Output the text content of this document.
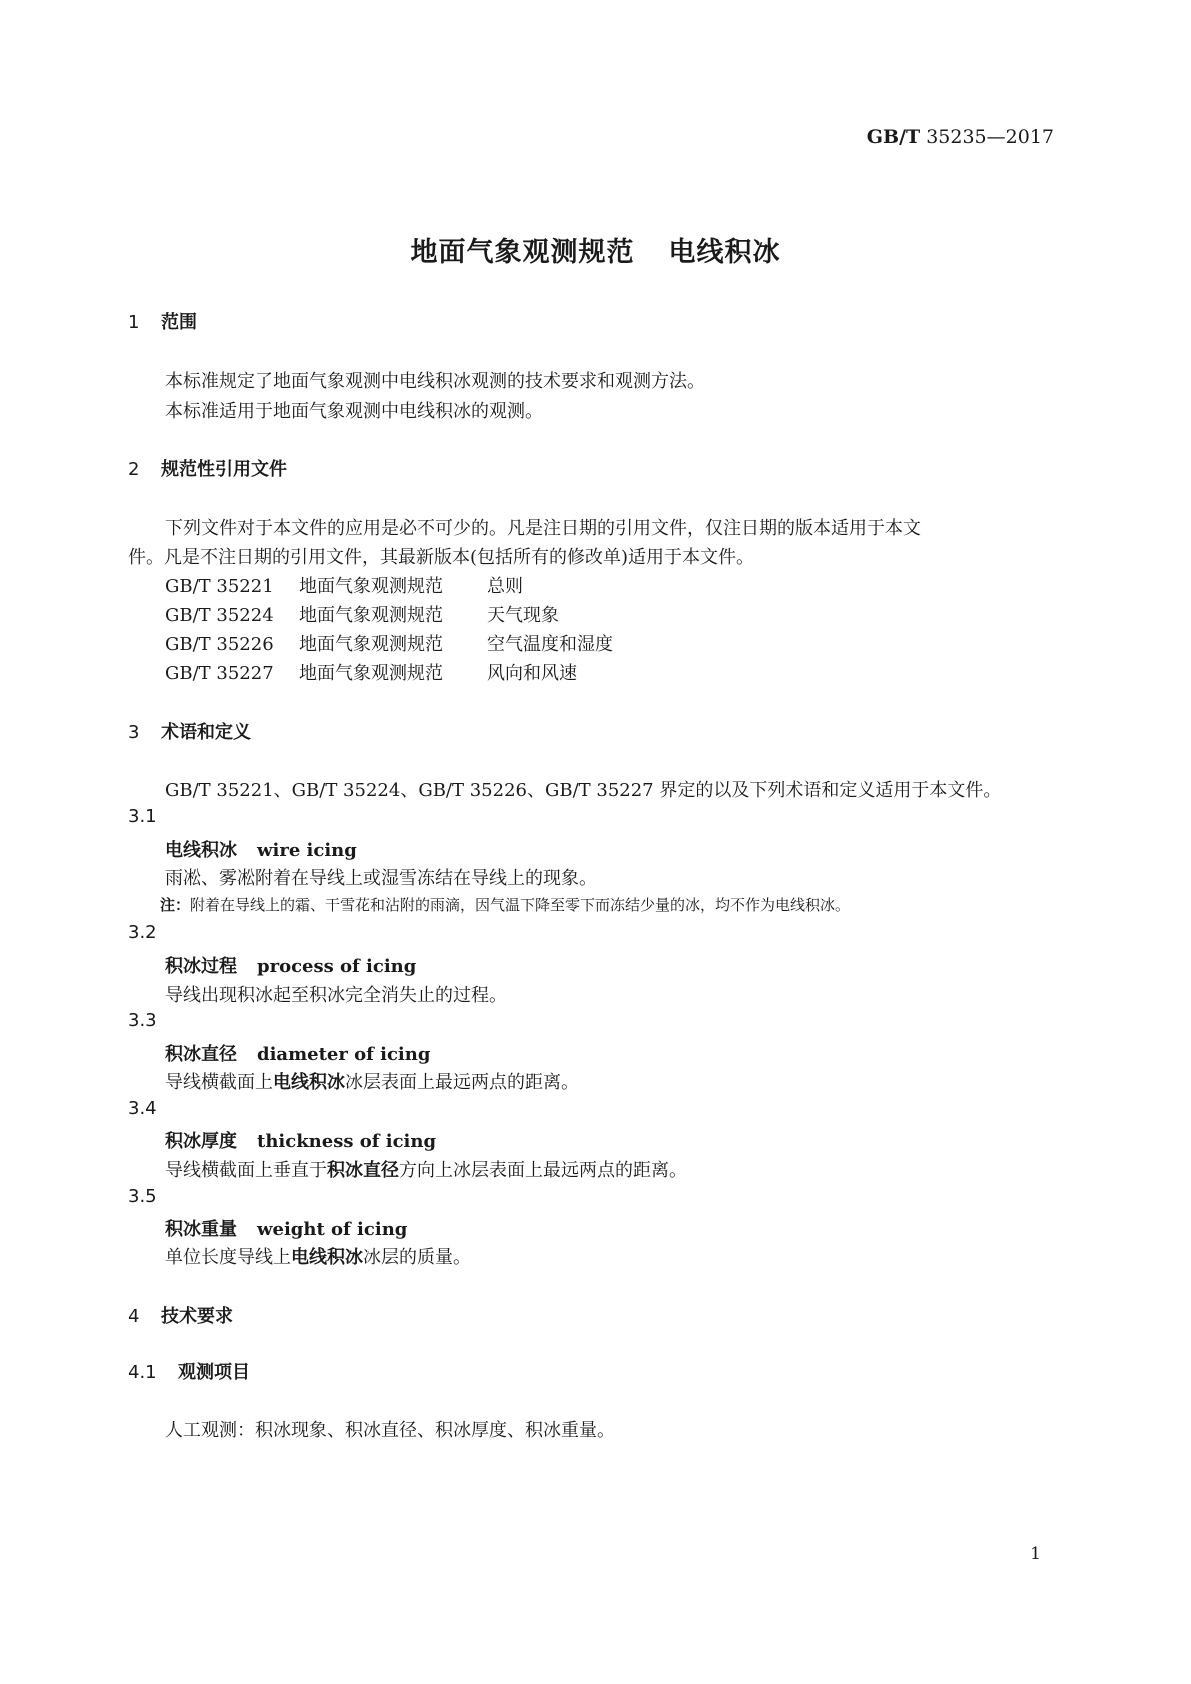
GB/T 35235—2017
地面气象观测规范 电线积冰
1 范围
本标准规定了地面气象观测中电线积冰观测的技术要求和观测方法。
本标准适用于地面气象观测中电线积冰的观测。
2 规范性引用文件
下列文件对于本文件的应用是必不可少的。凡是注日期的引用文件，仅注日期的版本适用于本文
件。凡是不注日期的引用文件，其最新版本(包括所有的修改单)适用于本文件。
GB/T 35221 地面气象观测规范 总则
GB/T 35224 地面气象观测规范 天气现象
GB/T 35226 地面气象观测规范 空气温度和湿度
GB/T 35227 地面气象观测规范 风向和风速
3 术语和定义
GB/T 35221、GB/T 35224、GB/T 35226、GB/T 35227 界定的以及下列术语和定义适用于本文件。
3.1
电线积冰 wire icing
雨凇、雾凇附着在导线上或湿雪冻结在导线上的现象。
注：附着在导线上的霜、干雪花和沾附的雨滴，因气温下降至零下而冻结少量的冰，均不作为电线积冰。
3.2
积冰过程 process of icing
导线出现积冰起至积冰完全消失止的过程。
3.3
积冰直径 diameter of icing
导线横截面上电线积冰冰层表面上最远两点的距离。
3.4
积冰厚度 thickness of icing
导线横截面上垂直于积冰直径方向上冰层表面上最远两点的距离。
3.5
积冰重量 weight of icing
单位长度导线上电线积冰冰层的质量。
4 技术要求
4.1 观测项目
人工观测：积冰现象、积冰直径、积冰厚度、积冰重量。
1
